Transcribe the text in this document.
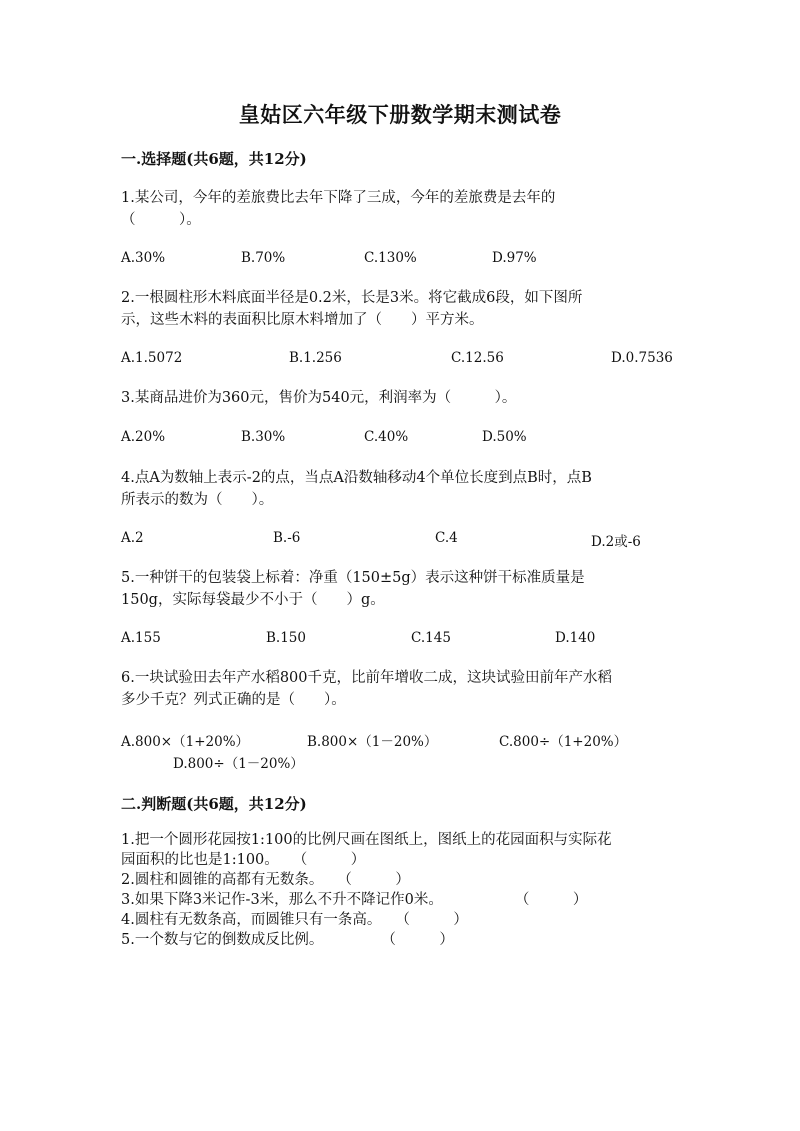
皇姑区六年级下册数学期末测试卷
一.选择题(共6题，共12分)
1.某公司，今年的差旅费比去年下降了三成，今年的差旅费是去年的
（　　　）。
A.30%	B.70%	C.130%	D.97%
2.一根圆柱形木料底面半径是0.2米，长是3米。将它截成6段，如下图所
示，这些木料的表面积比原木料增加了（　　）平方米。
A.1.5072	B.1.256	C.12.56	D.0.7536
3.某商品进价为360元，售价为540元，利润率为（　　　）。
A.20%	B.30%	C.40%	D.50%
4.点A为数轴上表示-2的点，当点A沿数轴移动4个单位长度到点B时，点B
所表示的数为（　　）。
A.2	B.-6	C.4	D.2或-6
5.一种饼干的包装袋上标着：净重（150±5g）表示这种饼干标准质量是
150g，实际每袋最少不小于（　　）g。
A.155	B.150	C.145	D.140
6.一块试验田去年产水稻800千克，比前年增收二成，这块试验田前年产水稻
多少千克？列式正确的是（　　）。
A.800×（1+20%）	B.800×（1－20%）	C.800÷（1+20%）
D.800÷（1－20%）
二.判断题(共6题，共12分)
1.把一个圆形花园按1:100的比例尺画在图纸上，图纸上的花园面积与实际花
园面积的比也是1:100。 （　　　）
2.圆柱和圆锥的高都有无数条。 （　　　）
3.如果下降3米记作-3米，那么不升不降记作0米。	（　　　）
4.圆柱有无数条高，而圆锥只有一条高。 （　　　）
5.一个数与它的倒数成反比例。	（　　　）
